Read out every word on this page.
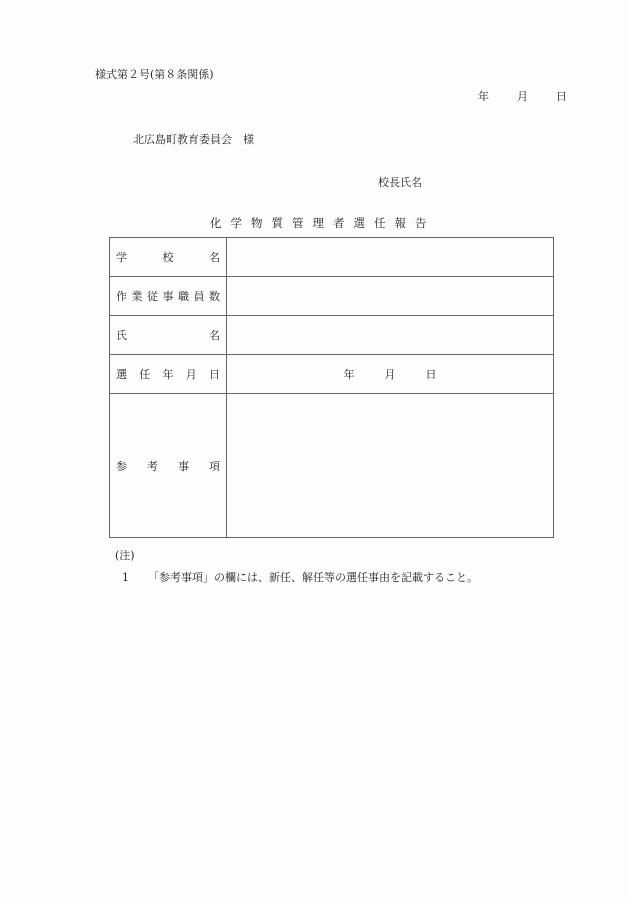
様式第２号(第８条関係)
年	月	日
北広島町教育委員会　様
校長氏名
化学物質管理者選任報告
学 校 名	

作 業 従 事 職 員 数

氏 名	

選 任 年 月 日	年 月 日

参 考 事 項	

(注)
1 「参考事項」の欄には、新任、解任等の選任事由を記載すること。
